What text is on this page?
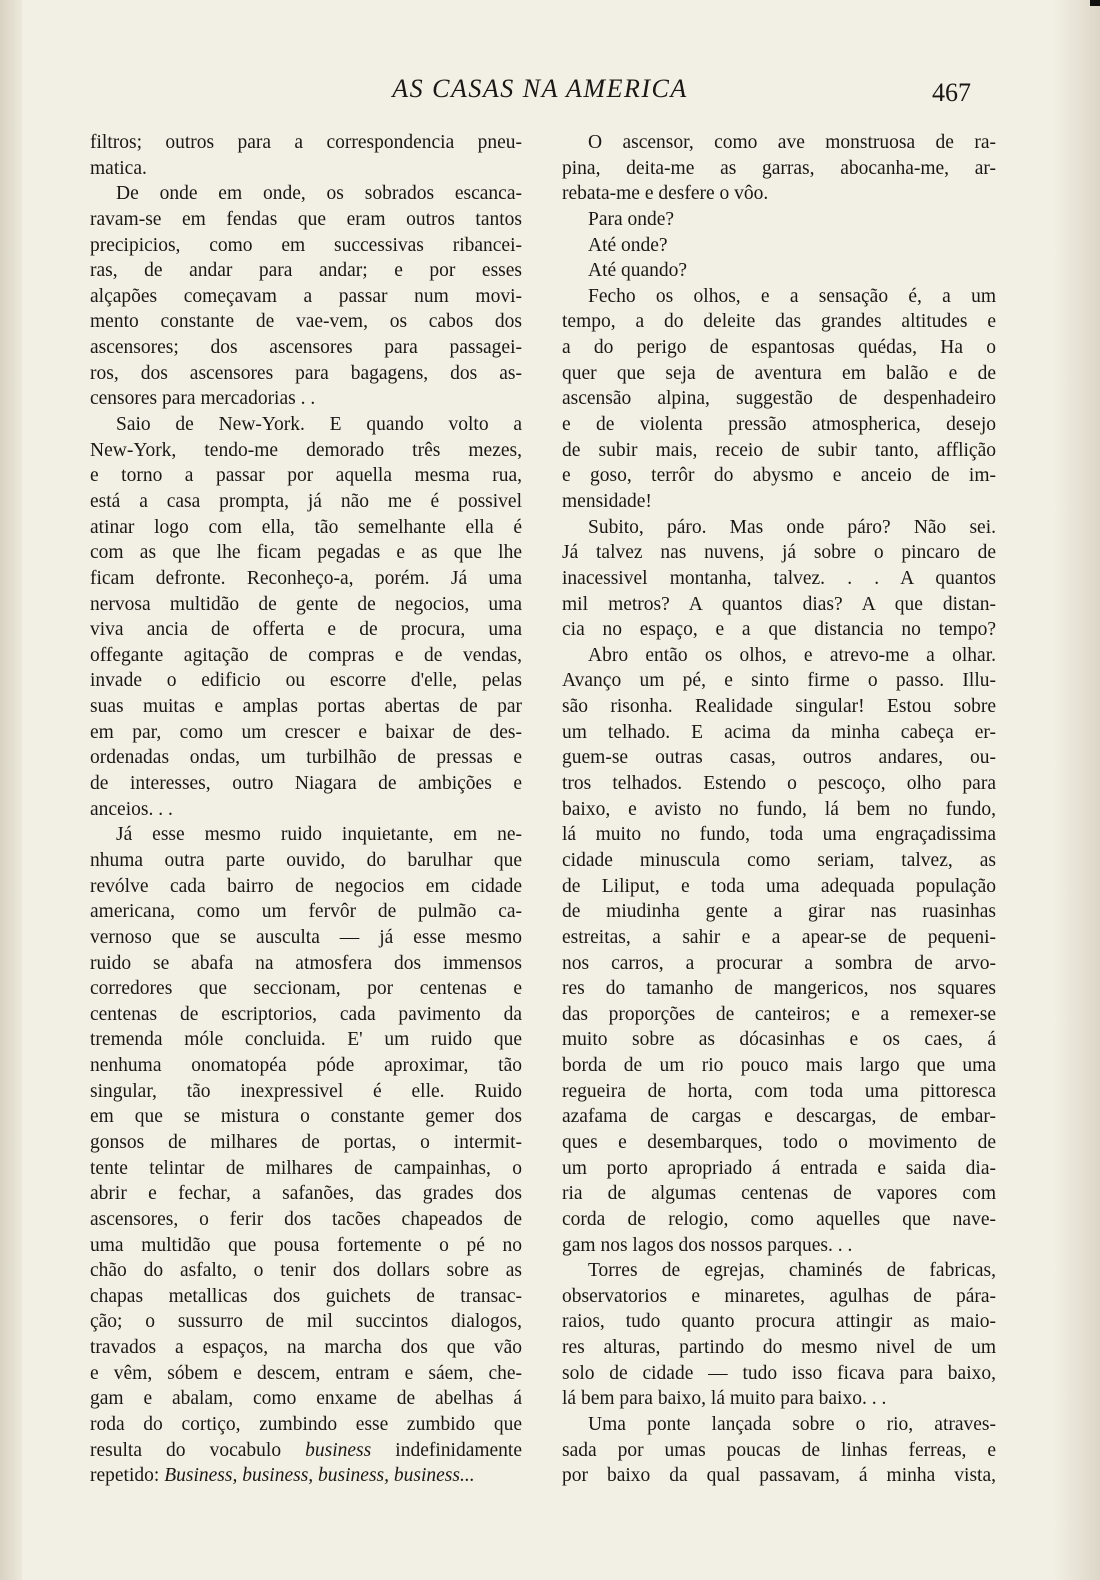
AS CASAS NA AMERICA	467
filtros; outros para a correspondencia pneu-
matica.
De onde em onde, os sobrados escanca-
ravam-se em fendas que eram outros tantos
precipicios, como em successivas ribancei-
ras, de andar para andar; e por esses
alçapões começavam a passar num movi-
mento constante de vae-vem, os cabos dos
ascensores; dos ascensores para passagei-
ros, dos ascensores para bagagens, dos as-
censores para mercadorias . .
Saio de New-York. E quando volto a
New-York, tendo-me demorado três mezes,
e torno a passar por aquella mesma rua,
está a casa prompta, já não me é possivel
atinar logo com ella, tão semelhante ella é
com as que lhe ficam pegadas e as que lhe
ficam defronte. Reconheço-a, porém. Já uma
nervosa multidão de gente de negocios, uma
viva ancia de offerta e de procura, uma
offegante agitação de compras e de vendas,
invade o edificio ou escorre d'elle, pelas
suas muitas e amplas portas abertas de par
em par, como um crescer e baixar de des-
ordenadas ondas, um turbilhão de pressas e
de interesses, outro Niagara de ambições e
anceios. . .
Já esse mesmo ruido inquietante, em ne-
nhuma outra parte ouvido, do barulhar que
revólve cada bairro de negocios em cidade
americana, como um fervôr de pulmão ca-
vernoso que se ausculta — já esse mesmo
ruido se abafa na atmosfera dos immensos
corredores que seccionam, por centenas e
centenas de escriptorios, cada pavimento da
tremenda móle concluida. E' um ruido que
nenhuma onomatopéa póde aproximar, tão
singular, tão inexpressivel é elle. Ruido
em que se mistura o constante gemer dos
gonsos de milhares de portas, o intermit-
tente telintar de milhares de campainhas, o
abrir e fechar, a safanões, das grades dos
ascensores, o ferir dos tacões chapeados de
uma multidão que pousa fortemente o pé no
chão do asfalto, o tenir dos dollars sobre as
chapas metallicas dos guichets de transac-
ção; o sussurro de mil succintos dialogos,
travados a espaços, na marcha dos que vão
e vêm, sóbem e descem, entram e sáem, che-
gam e abalam, como enxame de abelhas á
roda do cortiço, zumbindo esse zumbido que
resulta do vocabulo business indefinidamente
repetido: Business, business, business, business...
O ascensor, como ave monstruosa de ra-
pina, deita-me as garras, abocanha-me, ar-
rebata-me e desfere o vôo.
Para onde?
Até onde?
Até quando?
Fecho os olhos, e a sensação é, a um
tempo, a do deleite das grandes altitudes e
a do perigo de espantosas quédas, Ha o
quer que seja de aventura em balão e de
ascensão alpina, suggestão de despenhadeiro
e de violenta pressão atmospherica, desejo
de subir mais, receio de subir tanto, afflição
e goso, terrôr do abysmo e anceio de im-
mensidade!
Subito, páro. Mas onde páro? Não sei.
Já talvez nas nuvens, já sobre o pincaro de
inacessivel montanha, talvez. . . A quantos
mil metros? A quantos dias? A que distan-
cia no espaço, e a que distancia no tempo?
Abro então os olhos, e atrevo-me a olhar.
Avanço um pé, e sinto firme o passo. Illu-
são risonha. Realidade singular! Estou sobre
um telhado. E acima da minha cabeça er-
guem-se outras casas, outros andares, ou-
tros telhados. Estendo o pescoço, olho para
baixo, e avisto no fundo, lá bem no fundo,
lá muito no fundo, toda uma engraçadissima
cidade minuscula como seriam, talvez, as
de Liliput, e toda uma adequada população
de miudinha gente a girar nas ruasinhas
estreitas, a sahir e a apear-se de pequeni-
nos carros, a procurar a sombra de arvo-
res do tamanho de mangericos, nos squares
das proporções de canteiros; e a remexer-se
muito sobre as dócasinhas e os caes, á
borda de um rio pouco mais largo que uma
regueira de horta, com toda uma pittoresca
azafama de cargas e descargas, de embar-
ques e desembarques, todo o movimento de
um porto apropriado á entrada e saida dia-
ria de algumas centenas de vapores com
corda de relogio, como aquelles que nave-
gam nos lagos dos nossos parques. . .
Torres de egrejas, chaminés de fabricas,
observatorios e minaretes, agulhas de pára-
raios, tudo quanto procura attingir as maio-
res alturas, partindo do mesmo nivel de um
solo de cidade — tudo isso ficava para baixo,
lá bem para baixo, lá muito para baixo. . .
Uma ponte lançada sobre o rio, atraves-
sada por umas poucas de linhas ferreas, e
por baixo da qual passavam, á minha vista,
